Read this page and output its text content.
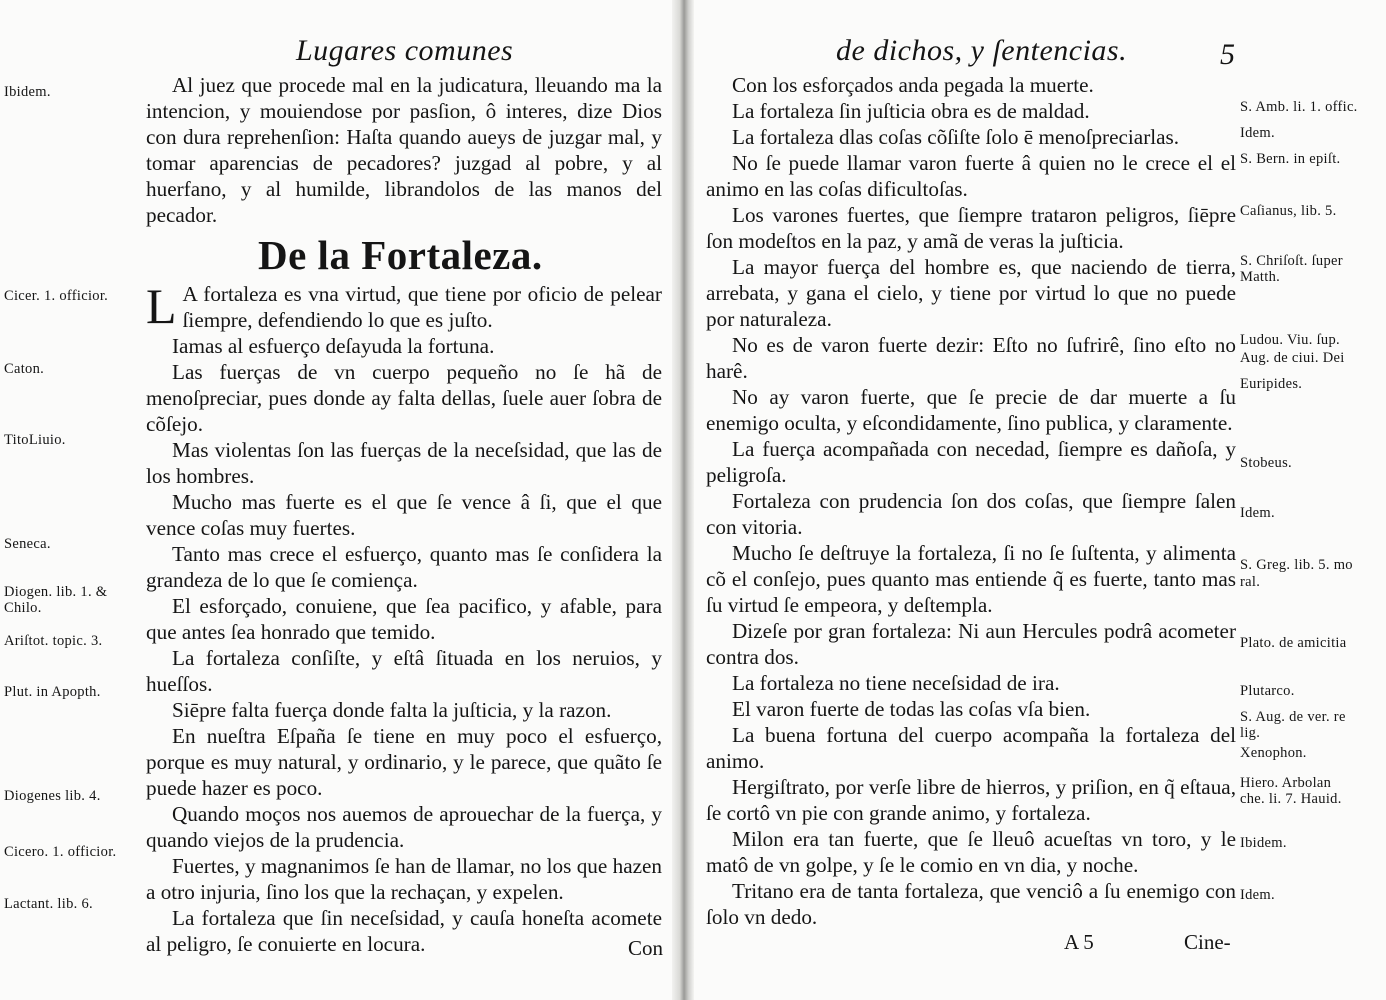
Lugares comunes

Al juez que procede mal en la judicatura, lleuando ma la intencion, y mouiendose por pasſion, ô interes, dize Dios con dura reprehenſion: Haſta quando aueys de juzgar mal, y tomar aparencias de pecadores? juzgad al pobre, y al huerfano, y al humilde, librandolos de las manos del pecador.

De la Fortaleza.

L A fortaleza es vna virtud, que tiene por oficio de pelear ſiempre, defendiendo lo que es juſto.

Iamas al esfuerço deſayuda la fortuna.

Las fuerças de vn cuerpo pequeño no ſe hã de menoſpreciar, pues donde ay falta dellas, ſuele auer ſobra de cõſejo.

Mas violentas ſon las fuerças de la neceſsidad, que las de los hombres.

Mucho mas fuerte es el que ſe vence â ſi, que el que vence coſas muy fuertes.

Tanto mas crece el esfuerço, quanto mas ſe conſidera la grandeza de lo que ſe comiença.

El esforçado, conuiene, que ſea pacifico, y afable, para que antes ſea honrado que temido.

La fortaleza conſiſte, y eſtâ ſituada en los neruios, y hueſſos.

Siēpre falta fuerça donde falta la juſticia, y la razon.

En nueſtra Eſpaña ſe tiene en muy poco el esfuerço, porque es muy natural, y ordinario, y le parece, que quãto ſe puede hazer es poco.

Quando moços nos auemos de aprouechar de la fuerça, y quando viejos de la prudencia.

Fuertes, y magnanimos ſe han de llamar, no los que hazen a otro injuria, ſino los que la rechaçan, y expelen.

La fortaleza que ſin neceſsidad, y cauſa honeſta acomete al peligro, ſe conuierte en locura.

Ibidem.
Cicer. 1. officior.
Caton.
TitoLiuio.
Seneca.
Diogen. lib. 1. &
Chilo.
Ariſtot. topic. 3.
Plut. in Apopth.
Diogenes lib. 4.
Cicero. 1. officior.
Lactant. lib. 6.
Con
de dichos, y ſentencias.	5

Con los esforçados anda pegada la muerte.

La fortaleza ſin juſticia obra es de maldad.

La fortaleza dlas coſas cõſiſte ſolo ē menoſpreciarlas.

No ſe puede llamar varon fuerte â quien no le crece el el animo en las coſas dificultoſas.

Los varones fuertes, que ſiempre trataron peligros, ſiēpre ſon modeſtos en la paz, y amã de veras la juſticia.

La mayor fuerça del hombre es, que naciendo de tierra, arrebata, y gana el cielo, y tiene por virtud lo que no puede por naturaleza.

No es de varon fuerte dezir: Eſto no ſufrirê, ſino eſto no harê.

No ay varon fuerte, que ſe precie de dar muerte a ſu enemigo oculta, y eſcondidamente, ſino publica, y claramente.

La fuerça acompañada con necedad, ſiempre es dañoſa, y peligroſa.

Fortaleza con prudencia ſon dos coſas, que ſiempre ſalen con vitoria.

Mucho ſe deſtruye la fortaleza, ſi no ſe ſuſtenta, y alimenta cõ el conſejo, pues quanto mas entiende q̃ es fuerte, tanto mas ſu virtud ſe empeora, y deſtempla.

Dizeſe por gran fortaleza: Ni aun Hercules podrâ acometer contra dos.

La fortaleza no tiene neceſsidad de ira.

El varon fuerte de todas las coſas vſa bien.

La buena fortuna del cuerpo acompaña la fortaleza del animo.

Hergiſtrato, por verſe libre de hierros, y priſion, en q̃ eſtaua, ſe cortô vn pie con grande animo, y fortaleza.

Milon era tan fuerte, que ſe lleuô acueſtas vn toro, y le matô de vn golpe, y ſe le comio en vn dia, y noche.

Tritano era de tanta fortaleza, que venciô a ſu enemigo con ſolo vn dedo.

S. Amb. li. 1. offic.
Idem.
S. Bern. in epiſt.
Caſianus, lib. 5.
S. Chriſoſt. ſuper
Matth.
Ludou. Viu. ſup.
Aug. de ciui. Dei
Euripides.
Stobeus.
Idem.
S. Greg. lib. 5. mo
ral.
Plato. de amicitia
Plutarco.
S. Aug. de ver. re
lig.
Xenophon.
Hiero. Arbolan
che. li. 7. Hauid.
Ibidem.
Idem.
A 5	Cine-
